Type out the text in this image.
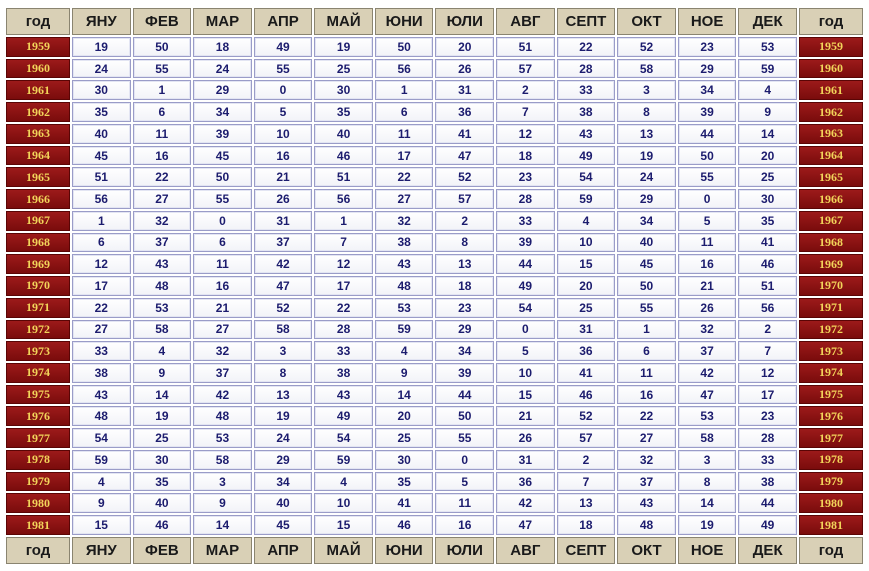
год	ЯНУ	ФЕВ	МАР	АПР	МАЙ	ЮНИ	ЮЛИ	АВГ	СЕПТ	ОКТ	НОЕ	ДЕК	год
1959	19	50	18	49	19	50	20	51	22	52	23	53	1959
1960	24	55	24	55	25	56	26	57	28	58	29	59	1960
1961	30	1	29	0	30	1	31	2	33	3	34	4	1961
1962	35	6	34	5	35	6	36	7	38	8	39	9	1962
1963	40	11	39	10	40	11	41	12	43	13	44	14	1963
1964	45	16	45	16	46	17	47	18	49	19	50	20	1964
1965	51	22	50	21	51	22	52	23	54	24	55	25	1965
1966	56	27	55	26	56	27	57	28	59	29	0	30	1966
1967	1	32	0	31	1	32	2	33	4	34	5	35	1967
1968	6	37	6	37	7	38	8	39	10	40	11	41	1968
1969	12	43	11	42	12	43	13	44	15	45	16	46	1969
1970	17	48	16	47	17	48	18	49	20	50	21	51	1970
1971	22	53	21	52	22	53	23	54	25	55	26	56	1971
1972	27	58	27	58	28	59	29	0	31	1	32	2	1972
1973	33	4	32	3	33	4	34	5	36	6	37	7	1973
1974	38	9	37	8	38	9	39	10	41	11	42	12	1974
1975	43	14	42	13	43	14	44	15	46	16	47	17	1975
1976	48	19	48	19	49	20	50	21	52	22	53	23	1976
1977	54	25	53	24	54	25	55	26	57	27	58	28	1977
1978	59	30	58	29	59	30	0	31	2	32	3	33	1978
1979	4	35	3	34	4	35	5	36	7	37	8	38	1979
1980	9	40	9	40	10	41	11	42	13	43	14	44	1980
1981	15	46	14	45	15	46	16	47	18	48	19	49	1981
год	ЯНУ	ФЕВ	МАР	АПР	МАЙ	ЮНИ	ЮЛИ	АВГ	СЕПТ	ОКТ	НОЕ	ДЕК	год
